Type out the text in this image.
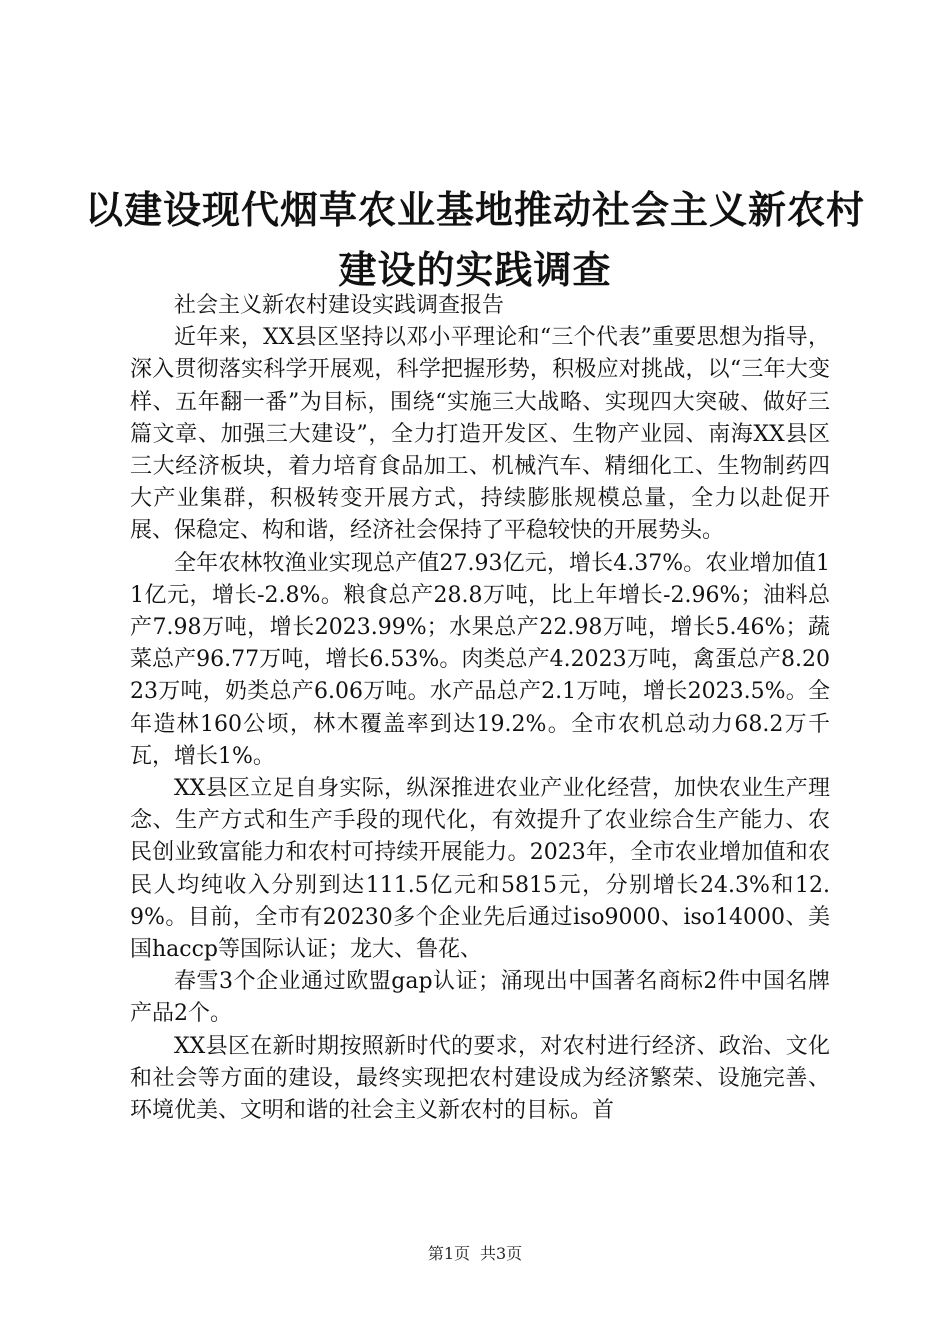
以建设现代烟草农业基地推动社会主义新农村
建设的实践调查

社会主义新农村建设实践调查报告

近年来，XX县区坚持以邓小平理论和“三个代表”重要思想为指导，深入贯彻落实科学开展观，科学把握形势，积极应对挑战，以“三年大变样、五年翻一番”为目标，围绕“实施三大战略、实现四大突破、做好三篇文章、加强三大建设”，全力打造开发区、生物产业园、南海XX县区三大经济板块，着力培育食品加工、机械汽车、精细化工、生物制药四大产业集群，积极转变开展方式，持续膨胀规模总量，全力以赴促开展、保稳定、构和谐，经济社会保持了平稳较快的开展势头。

全年农林牧渔业实现总产值27.93亿元，增长4.37%。农业增加值11亿元，增长-2.8%。粮食总产28.8万吨，比上年增长-2.96%；油料总产7.98万吨，增长2023.99%；水果总产22.98万吨，增长5.46%；蔬菜总产96.77万吨，增长6.53%。肉类总产4.2023万吨，禽蛋总产8.2023万吨，奶类总产6.06万吨。水产品总产2.1万吨，增长2023.5%。全年造林160公顷，林木覆盖率到达19.2%。全市农机总动力68.2万千瓦，增长1%。

XX县区立足自身实际，纵深推进农业产业化经营，加快农业生产理念、生产方式和生产手段的现代化，有效提升了农业综合生产能力、农民创业致富能力和农村可持续开展能力。2023年，全市农业增加值和农民人均纯收入分别到达111.5亿元和5815元，分别增长24.3%和12.9%。目前，全市有20230多个企业先后通过iso9000、iso14000、美国haccp等国际认证；龙大、鲁花、

春雪3个企业通过欧盟gap认证；涌现出中国著名商标2件中国名牌产品2个。

XX县区在新时期按照新时代的要求，对农村进行经济、政治、文化和社会等方面的建设，最终实现把农村建设成为经济繁荣、设施完善、环境优美、文明和谐的社会主义新农村的目标。首

第1页 共3页
